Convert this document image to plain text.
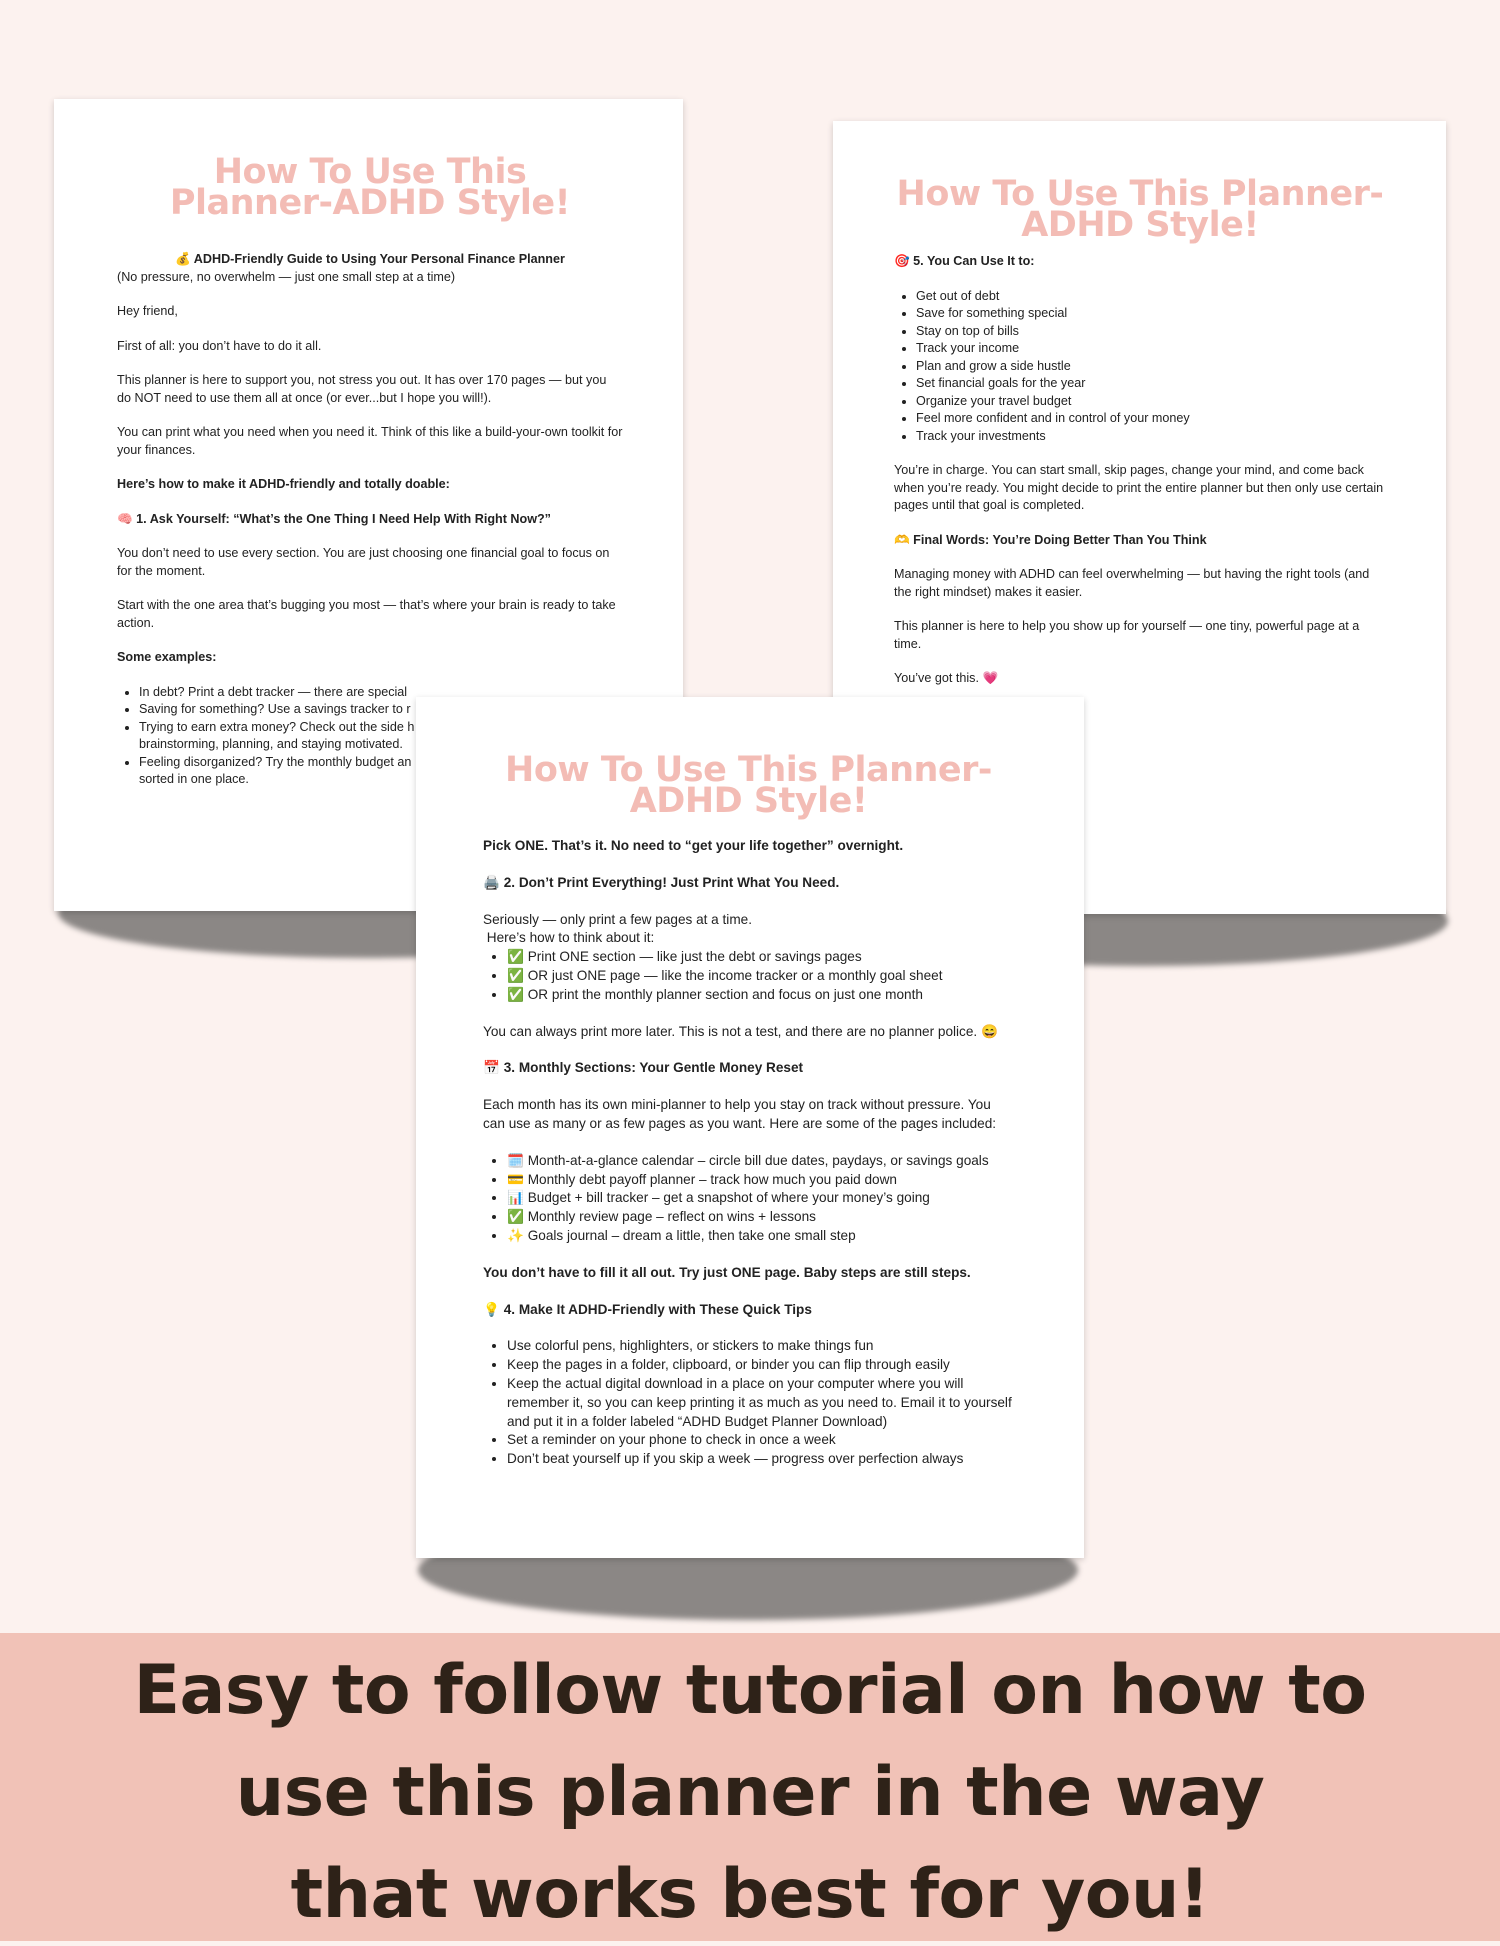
How To Use This
Planner-ADHD Style!
💰 ADHD-Friendly Guide to Using Your Personal Finance Planner

(No pressure, no overwhelm — just one small step at a time)

Hey friend,

First of all: you don’t have to do it all.

This planner is here to support you, not stress you out. It has over 170 pages — but you do NOT need to use them all at once (or ever...but I hope you will!).

You can print what you need when you need it. Think of this like a build-your-own toolkit for your finances.

Here’s how to make it ADHD-friendly and totally doable:

🧠 1. Ask Yourself: “What’s the One Thing I Need Help With Right Now?”

You don’t need to use every section. You are just choosing one financial goal to focus on for the moment.

Start with the one area that’s bugging you most — that’s where your brain is ready to take action.

Some examples:

• In debt? Print a debt tracker — there are special
• Saving for something? Use a savings tracker to r
• Trying to earn extra money? Check out the side h brainstorming, planning, and staying motivated.
• Feeling disorganized? Try the monthly budget an sorted in one place.
How To Use This Planner-
ADHD Style!

🎯 5. You Can Use It to:

• Get out of debt
• Save for something special
• Stay on top of bills
• Track your income
• Plan and grow a side hustle
• Set financial goals for the year
• Organize your travel budget
• Feel more confident and in control of your money
• Track your investments

You’re in charge. You can start small, skip pages, change your mind, and come back when you’re ready. You might decide to print the entire planner but then only use certain pages until that goal is completed.

🫶 Final Words: You’re Doing Better Than You Think

Managing money with ADHD can feel overwhelming — but having the right tools (and the right mindset) makes it easier.

This planner is here to help you show up for yourself — one tiny, powerful page at a time.

You’ve got this. 💗

How To Use This Planner-
ADHD Style!

Pick ONE. That’s it. No need to “get your life together” overnight.

🖨️ 2. Don’t Print Everything! Just Print What You Need.

Seriously — only print a few pages at a time.
Here’s how to think about it:
• ✅ Print ONE section — like just the debt or savings pages
• ✅ OR just ONE page — like the income tracker or a monthly goal sheet
• ✅ OR print the monthly planner section and focus on just one month

You can always print more later. This is not a test, and there are no planner police. 😄

📅 3. Monthly Sections: Your Gentle Money Reset

Each month has its own mini-planner to help you stay on track without pressure. You can use as many or as few pages as you want. Here are some of the pages included:

• 🗓️ Month-at-a-glance calendar – circle bill due dates, paydays, or savings goals
• 💳 Monthly debt payoff planner – track how much you paid down
• 📊 Budget + bill tracker – get a snapshot of where your money’s going
• ✅ Monthly review page – reflect on wins + lessons
• ✨ Goals journal – dream a little, then take one small step

You don’t have to fill it all out. Try just ONE page. Baby steps are still steps.

💡 4. Make It ADHD-Friendly with These Quick Tips

• Use colorful pens, highlighters, or stickers to make things fun
• Keep the pages in a folder, clipboard, or binder you can flip through easily
• Keep the actual digital download in a place on your computer where you will remember it, so you can keep printing it as much as you need to. Email it to yourself and put it in a folder labeled “ADHD Budget Planner Download)
• Set a reminder on your phone to check in once a week
• Don’t beat yourself up if you skip a week — progress over perfection always
Easy to follow tutorial on how to
use this planner in the way
that works best for you!
